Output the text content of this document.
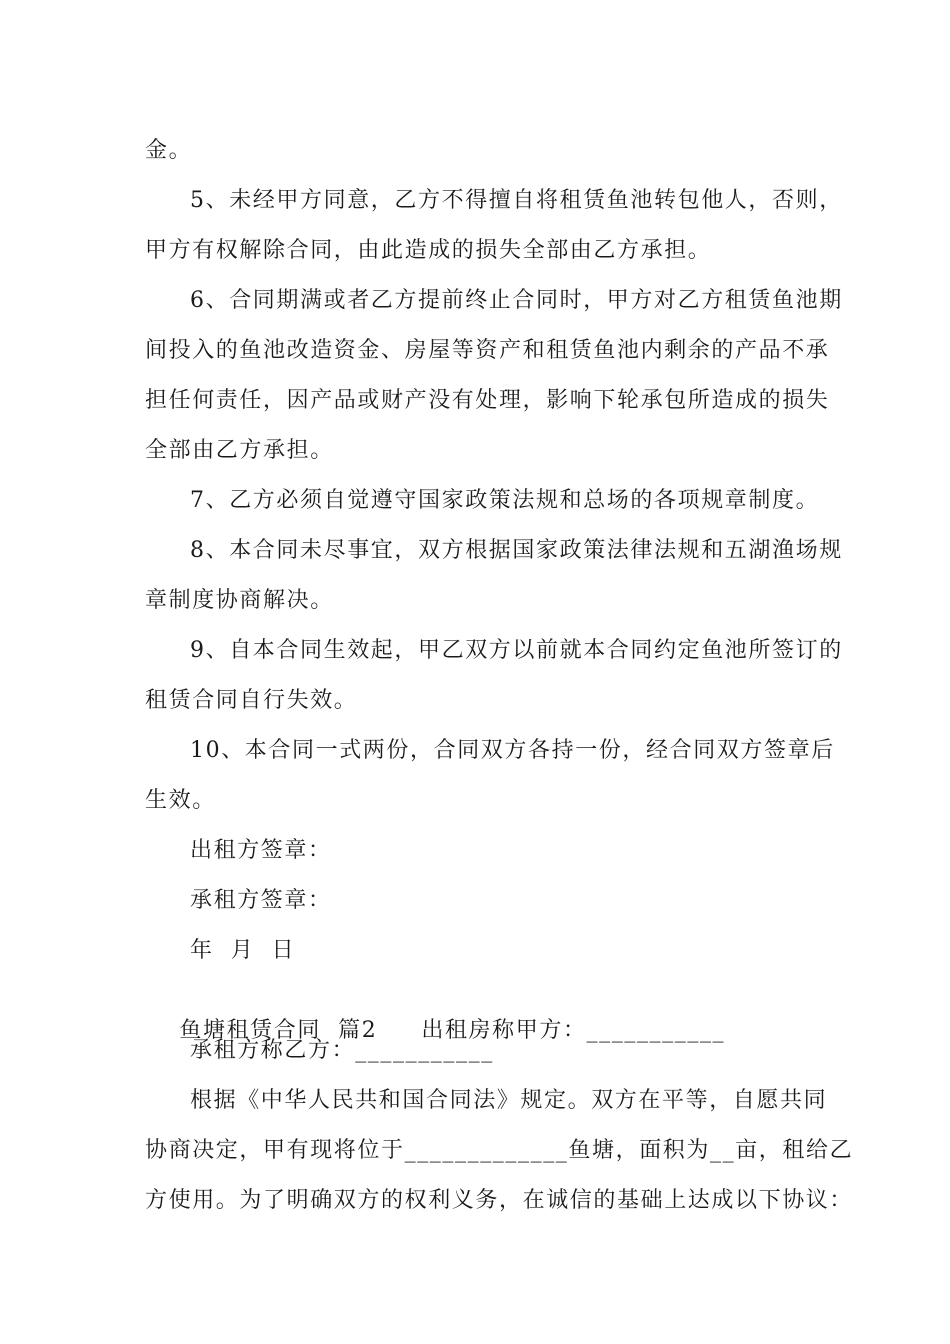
金。
5、未经甲方同意，乙方不得擅自将租赁鱼池转包他人，否则，
甲方有权解除合同，由此造成的损失全部由乙方承担。
6、合同期满或者乙方提前终止合同时，甲方对乙方租赁鱼池期
间投入的鱼池改造资金、房屋等资产和租赁鱼池内剩余的产品不承
担任何责任，因产品或财产没有处理，影响下轮承包所造成的损失
全部由乙方承担。
7、乙方必须自觉遵守国家政策法规和总场的各项规章制度。
8、本合同未尽事宜，双方根据国家政策法律法规和五湖渔场规
章制度协商解决。
9、自本合同生效起，甲乙双方以前就本合同约定鱼池所签订的
租赁合同自行失效。
10、本合同一式两份，合同双方各持一份，经合同双方签章后
生效。
出租方签章：
承租方签章：
年  月  日

鱼塘租赁合同  篇2 出租房称甲方：___________

承租方称乙方：___________
根据《中华人民共和国合同法》规定。双方在平等，自愿共同
协商决定，甲有现将位于_____________鱼塘，面积为__亩，租给乙
方使用。为了明确双方的权利义务，在诚信的基础上达成以下协议：
